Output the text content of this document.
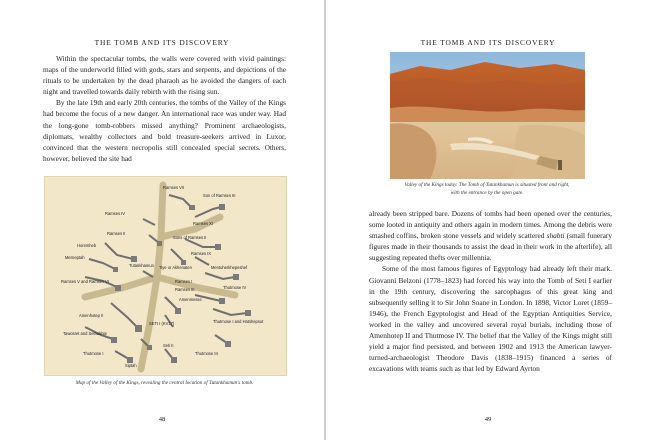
THE TOMB AND ITS DISCOVERY

Within the spectacular tombs, the walls were covered with vivid paintings: maps of the underworld filled with gods, stars and serpents, and depictions of the rituals to be undertaken by the dead pharaoh as he avoided the dangers of each night and travelled towards daily rebirth with the rising sun.

By the late 19th and early 20th centuries, the tombs of the Valley of the Kings had become the focus of a new danger. An international race was under way. Had the long-gone tomb-robbers missed anything? Prominent archaeologists, diplomats, wealthy collectors and bold treasure-seekers arrived in Luxor, convinced that the western necropolis still concealed special secrets. Others, however, believed the site had

Ramses VII
Son of Ramses III
Ramses IV
Ramses XI
Ramses II
Sons of Ramses II
Horemheb
Merneptah
Ramses IX
Tutankhamun Tiye or Akhenaten	Mentuherkhepeshef
Ramses V and Ramses VI	Ramses I
Ramses III	Thutmose IV
Amenmesse
Amenhotep II
SETI I (KV17)	Thutmose I and Hatshepsut
Tawosret and Setnakhte
Thutmose I
Siptah
Seti II
Thutmose III
Map of the Valley of the Kings, revealing the central location of Tutankhamun's tomb.
48
THE TOMB AND ITS DISCOVERY
Valley of the Kings today. The Tomb of Tutankhamun is situated front and right,
with the entrance by the open gate.

already been stripped bare. Dozens of tombs had been opened over the centuries, some looted in antiquity and others again in modern times. Among the debris were smashed coffins, broken stone vessels and widely scattered shabti (small funerary figures made in their thousands to assist the dead in their work in the afterlife), all suggesting repeated thefts over millennia.

Some of the most famous figures of Egyptology had already left their mark. Giovanni Belzoni (1778–1823) had forced his way into the Tomb of Seti I earlier in the 19th century, discovering the sarcophagus of this great king and subsequently selling it to Sir John Soane in London. In 1898, Victor Loret (1859–1946), the French Egyptologist and Head of the Egyptian Antiquities Service, worked in the valley and uncovered several royal burials, including those of Amenhotep II and Thutmose IV. The belief that the Valley of the Kings might still yield a major find persisted, and between 1902 and 1913 the American lawyer-turned-archaeologist Theodore Davis (1838–1915) financed a series of excavations with teams such as that led by Edward Ayrton

49
